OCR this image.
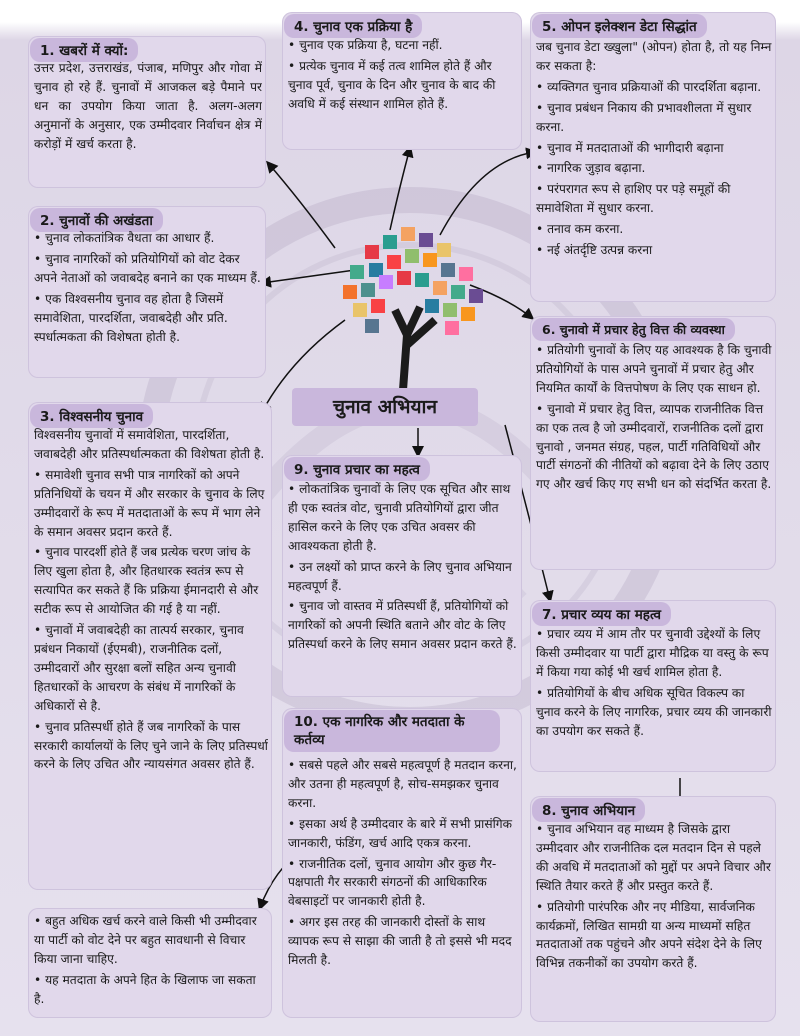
चुनाव अभियान
1. खबरों में क्यों:

उत्तर प्रदेश, उत्तराखंड, पंजाब, मणिपुर और गोवा में चुनाव हो रहे हैं. चुनावों में आजकल बड़े पैमाने पर धन का उपयोग किया जाता है. अलग-अलग अनुमानों के अनुसार, एक उम्मीदवार निर्वाचन क्षेत्र में करोड़ों में खर्च करता है.

2. चुनावों की अखंडता

• चुनाव लोकतांत्रिक वैधता का आधार हैं.

• चुनाव नागरिकों को प्रतियोगियों को वोट देकर अपने नेताओं को जवाबदेह बनाने का एक माध्यम हैं.

• एक विश्वसनीय चुनाव वह होता है जिसमें समावेशिता, पारदर्शिता, जवाबदेही और प्रति. स्पर्धात्मकता की विशेषता होती है.

3. विश्वसनीय चुनाव

विश्वसनीय चुनावों में समावेशिता, पारदर्शिता, जवाबदेही और प्रतिस्पर्धात्मकता की विशेषता होती है.

• समावेशी चुनाव सभी पात्र नागरिकों को अपने प्रतिनिधियों के चयन में और सरकार के चुनाव के लिए उम्मीदवारों के रूप में मतदाताओं के रूप में भाग लेने के समान अवसर प्रदान करते हैं.

• चुनाव पारदर्शी होते हैं जब प्रत्येक चरण जांच के लिए खुला होता है, और हितधारक स्वतंत्र रूप से सत्यापित कर सकते हैं कि प्रक्रिया ईमानदारी से और सटीक रूप से आयोजित की गई है या नहीं.

• चुनावों में जवाबदेही का तात्पर्य सरकार, चुनाव प्रबंधन निकायों (ईएमबी), राजनीतिक दलों, उम्मीदवारों और सुरक्षा बलों सहित अन्य चुनावी हितधारकों के आचरण के संबंध में नागरिकों के अधिकारों से है.

• चुनाव प्रतिस्पर्धी होते हैं जब नागरिकों के पास सरकारी कार्यालयों के लिए चुने जाने के लिए प्रतिस्पर्धा करने के लिए उचित और न्यायसंगत अवसर होते हैं.

• बहुत अधिक खर्च करने वाले किसी भी उम्मीदवार या पार्टी को वोट देने पर बहुत सावधानी से विचार किया जाना चाहिए.

• यह मतदाता के अपने हित के खिलाफ जा सकता है.

4. चुनाव एक प्रक्रिया है

• चुनाव एक प्रक्रिया है, घटना नहीं.

• प्रत्येक चुनाव में कई तत्व शामिल होते हैं और चुनाव पूर्व, चुनाव के दिन और चुनाव के बाद की अवधि में कई संस्थान शामिल होते हैं.

5. ओपन इलेक्शन डेटा सिद्धांत

जब चुनाव डेटा ख्खुला" (ओपन) होता है, तो यह निम्न कर सकता है:

• व्यक्तिगत चुनाव प्रक्रियाओं की पारदर्शिता बढ़ाना.

• चुनाव प्रबंधन निकाय की प्रभावशीलता में सुधार करना.

• चुनाव में मतदाताओं की भागीदारी बढ़ाना

• नागरिक जुड़ाव बढ़ाना.

• परंपरागत रूप से हाशिए पर पड़े समूहों की समावेशिता में सुधार करना.

• तनाव कम करना.

• नई अंतर्दृष्टि उत्पन्न करना

6. चुनावो में प्रचार हेतु वित्त की व्यवस्था

• प्रतियोगी चुनावों के लिए यह आवश्यक है कि चुनावी प्रतियोगियों के पास अपने चुनावों में प्रचार हेतु और नियमित कार्यों के वित्तपोषण के लिए एक साधन हो.

• चुनावो में प्रचार हेतु वित्त, व्यापक राजनीतिक वित्त का एक तत्व है जो उम्मीदवारों, राजनीतिक दलों द्वारा चुनावो , जनमत संग्रह, पहल, पार्टी गतिविधियों और पार्टी संगठनों की नीतियों को बढ़ावा देने के लिए उठाए गए और खर्च किए गए सभी धन को संदर्भित करता है.

7. प्रचार व्यय का महत्व

• प्रचार व्यय में आम तौर पर चुनावी उद्देश्यों के लिए किसी उम्मीदवार या पार्टी द्वारा मौद्रिक या वस्तु के रूप में किया गया कोई भी खर्च शामिल होता है.

• प्रतियोगियों के बीच अधिक सूचित विकल्प का चुनाव करने के लिए नागरिक, प्रचार व्यय की जानकारी का उपयोग कर सकते हैं.

8. चुनाव अभियान

• चुनाव अभियान वह माध्यम है जिसके द्वारा उम्मीदवार और राजनीतिक दल मतदान दिन से पहले की अवधि में मतदाताओं को मुद्दों पर अपने विचार और स्थिति तैयार करते हैं और प्रस्तुत करते हैं.

• प्रतियोगी पारंपरिक और नए मीडिया, सार्वजनिक कार्यक्रमों, लिखित सामग्री या अन्य माध्यमों सहित मतदाताओं तक पहुंचने और अपने संदेश देने के लिए विभिन्न तकनीकों का उपयोग करते हैं.

9. चुनाव प्रचार का महत्व

• लोकतांत्रिक चुनावों के लिए एक सूचित और साथ ही एक स्वतंत्र वोट, चुनावी प्रतियोगियों द्वारा जीत हासिल करने के लिए एक उचित अवसर की आवश्यकता होती है.

• उन लक्ष्यों को प्राप्त करने के लिए चुनाव अभियान महत्वपूर्ण हैं.

• चुनाव जो वास्तव में प्रतिस्पर्धी हैं, प्रतियोगियों को नागरिकों को अपनी स्थिति बताने और वोट के लिए प्रतिस्पर्धा करने के लिए समान अवसर प्रदान करते हैं.

10. एक नागरिक और मतदाता के कर्तव्य

• सबसे पहले और सबसे महत्वपूर्ण है मतदान करना, और उतना ही महत्वपूर्ण है, सोच-समझकर चुनाव करना.

• इसका अर्थ है उम्मीदवार के बारे में सभी प्रासंगिक जानकारी, फंडिंग, खर्च आदि एकत्र करना.

• राजनीतिक दलों, चुनाव आयोग और कुछ गैर-पक्षपाती गैर सरकारी संगठनों की आधिकारिक वेबसाइटों पर जानकारी होती है.

• अगर इस तरह की जानकारी दोस्तों के साथ व्यापक रूप से साझा की जाती है तो इससे भी मदद मिलती है.
